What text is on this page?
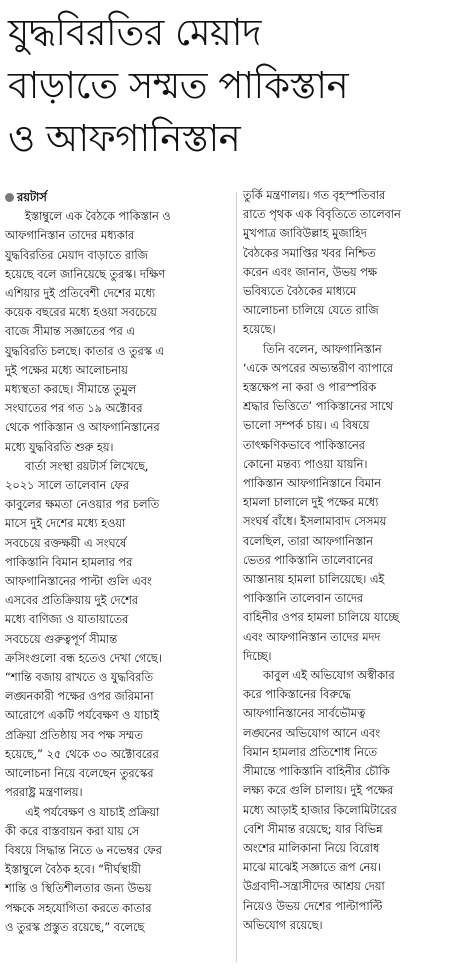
যুদ্ধবিরতির মেয়াদ
বাড়াতে সম্মত পাকিস্তান
ও আফগানিস্তান
রয়টার্স
ইস্তাম্বুলে এক বৈঠকে পাকিস্তান ও
আফগানিস্তান তাদের মধ্যকার
যুদ্ধবিরতির মেয়াদ বাড়াতে রাজি
হয়েছে বলে জানিয়েছে তুরস্ক। দক্ষিণ
এশিয়ার দুই প্রতিবেশী দেশের মধ্যে
কয়েক বছরের মধ্যে হওয়া সবচেয়ে
বাজে সীমান্ত সজ্ঞাতের পর এ
যুদ্ধবিরতি চলছে। কাতার ও তুরস্ক এ
দুই পক্ষের মধ্যে আলোচনায়
মধ্যস্থতা করছে। সীমান্তে তুমুল
সংঘাতের পর গত ১৯ অক্টোবর
থেকে পাকিস্তান ও আফগানিস্তানের
মধ্যে যুদ্ধবিরতি শুরু হয়।
বার্তা সংস্থা রয়টার্স লিখেছে,
২০২১ সালে তালেবান ফের
কাবুলের ক্ষমতা নেওয়ার পর চলতি
মাসে দুই দেশের মধ্যে হওয়া
সবচেয়ে রক্তক্ষয়ী এ সংঘর্ষে
পাকিস্তানি বিমান হামলার পর
আফগানিস্তানের পাল্টা গুলি এবং
এসবের প্রতিক্রিয়ায় দুই দেশের
মধ্যে বাণিজ্য ও যাতায়াতের
সবচেয়ে গুরুত্বপূর্ণ সীমান্ত
ক্রসিংগুলো বন্ধ হতেও দেখা গেছে।
“শান্তি বজায় রাখতে ও যুদ্ধবিরতি
লঙ্ঘনকারী পক্ষের ওপর জরিমানা
আরোপে একটি পর্যবেক্ষণ ও যাচাই
প্রক্রিয়া প্রতিষ্ঠায় সব পক্ষ সম্মত
হয়েছে,” ২৫ থেকে ৩০ অক্টোবরের
আলোচনা নিয়ে বলেছেন তুরস্কের
পররাষ্ট্র মন্ত্রণালয়।
এই পর্যবেক্ষণ ও যাচাই প্রক্রিয়া
কী করে বাস্তবায়ন করা যায় সে
বিষয়ে সিদ্ধান্ত নিতে ৬ নভেম্বর ফের
ইস্তাম্বুলে বৈঠক হবে। “দীর্ঘস্থায়ী
শান্তি ও স্থিতিশীলতার জন্য উভয়
পক্ষকে সহযোগিতা করতে কাতার
ও তুরস্ক প্রস্তুত রয়েছে,” বলেছে
তুর্কি মন্ত্রণালয়। গত বৃহস্পতিবার
রাতে পৃথক এক বিবৃতিতে তালেবান
মুখপাত্র জাবিউল্লাহ মুজাহিদ
বৈঠকের সমাপ্তির খবর নিশ্চিত
করেন এবং জানান, উভয় পক্ষ
ভবিষ্যতে বৈঠকের মাধ্যমে
আলোচনা চালিয়ে যেতে রাজি
হয়েছে।
তিনি বলেন, আফগানিস্তান
‘একে অপরের অভ্যন্তরীণ ব্যাপারে
হস্তক্ষেপ না করা ও পারস্পরিক
শ্রদ্ধার ভিত্তিতে’ পাকিস্তানের সাথে
ভালো সম্পর্ক চায়। এ বিষয়ে
তাৎক্ষণিকভাবে পাকিস্তানের
কোনো মন্তব্য পাওয়া যায়নি।
পাকিস্তান আফগানিস্তানে বিমান
হামলা চালালে দুই পক্ষের মধ্যে
সংঘর্ষ বাঁধে। ইসলামাবাদ সেসময়
বলেছিল, তারা আফগানিস্তান
ভেতর পাকিস্তানি তালেবানের
আস্তানায় হামলা চালিয়েছে। এই
পাকিস্তানি তালেবান তাদের
বাহিনীর ওপর হামলা চালিয়ে যাচ্ছে
এবং আফগানিস্তান তাদের মদদ
দিচ্ছে।
কাবুল এই অভিযোগ অস্বীকার
করে পাকিস্তানের বিরুদ্ধে
আফগানিস্তানের সার্বভৌমত্ব
লঙ্ঘনের অভিযোগ আনে এবং
বিমান হামলার প্রতিশোধ নিতে
সীমান্তে পাকিস্তানি বাহিনীর চৌকি
লক্ষ্য করে গুলি চালায়। দুই পক্ষের
মধ্যে আড়াই হাজার কিলোমিটারের
বেশি সীমান্ত রয়েছে; যার বিভিন্ন
অংশের মালিকানা নিয়ে বিরোধ
মাঝে মাঝেই সজ্ঞাতে রূপ নেয়।
উগ্রবাদী-সন্ত্রাসীদের আশ্রয় দেয়া
নিয়েও উভয় দেশের পাল্টাপাল্টি
অভিযোগ রয়েছে।
